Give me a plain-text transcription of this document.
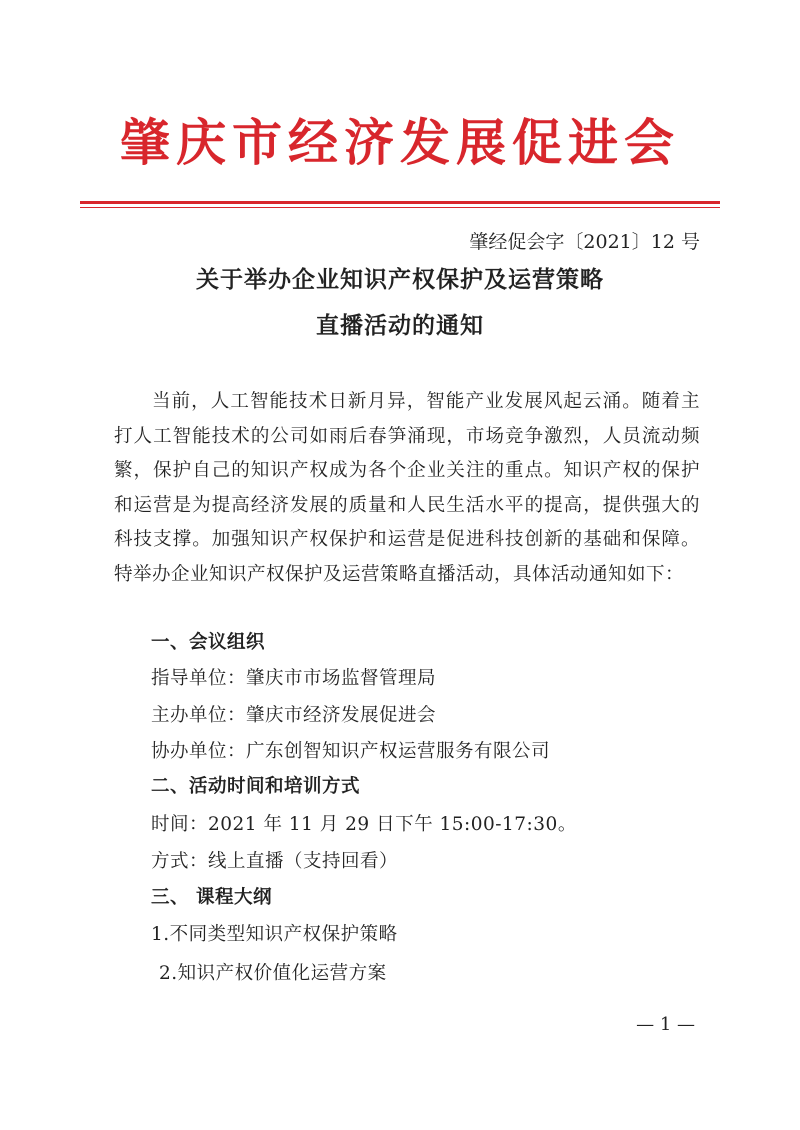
肇庆市经济发展促进会
肇经促会字〔2021〕12 号
关于举办企业知识产权保护及运营策略
直播活动的通知
当前，人工智能技术日新月异，智能产业发展风起云涌。随着主打人工智能技术的公司如雨后春笋涌现，市场竞争激烈，人员流动频繁，保护自己的知识产权成为各个企业关注的重点。知识产权的保护和运营是为提高经济发展的质量和人民生活水平的提高，提供强大的科技支撑。加强知识产权保护和运营是促进科技创新的基础和保障。特举办企业知识产权保护及运营策略直播活动，具体活动通知如下：
一、会议组织
指导单位：肇庆市市场监督管理局
主办单位：肇庆市经济发展促进会
协办单位：广东创智知识产权运营服务有限公司
二、活动时间和培训方式
时间：2021 年 11 月 29 日下午 15:00-17:30。
方式：线上直播（支持回看）
三、 课程大纲
1.不同类型知识产权保护策略
2.知识产权价值化运营方案
— 1 —
